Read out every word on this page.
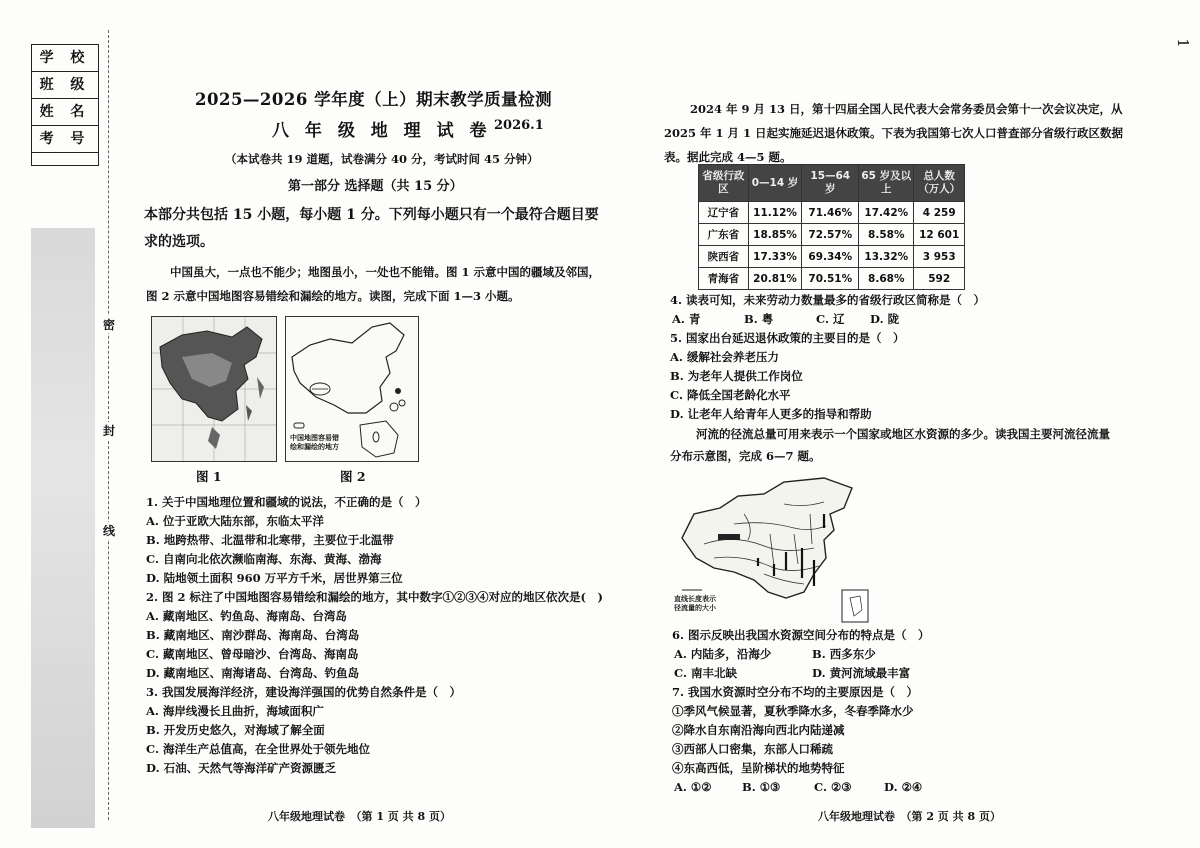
1
学 校
班 级
姓 名
考 号
密
封
线
2025—2026 学年度（上）期末教学质量检测
八 年 级 地 理 试 卷 2026.1
（本试卷共 19 道题，试卷满分 40 分，考试时间 45 分钟）
第一部分 选择题（共 15 分）
本部分共包括 15 小题，每小题 1 分。下列每小题只有一个最符合题目要求的选项。
中国虽大，一点也不能少；地图虽小，一处也不能错。图 1 示意中国的疆域及邻国，
图 2 示意中国地图容易错绘和漏绘的地方。读图，完成下面 1—3 小题。
图 1
中国地图容易错绘和漏绘的地方
图 2
1. 关于中国地理位置和疆域的说法，不正确的是（　）
A. 位于亚欧大陆东部，东临太平洋
B. 地跨热带、北温带和北寒带，主要位于北温带
C. 自南向北依次濒临南海、东海、黄海、渤海
D. 陆地领土面积 960 万平方千米，居世界第三位
2. 图 2 标注了中国地图容易错绘和漏绘的地方，其中数字①②③④对应的地区依次是(　)
A. 藏南地区、钓鱼岛、海南岛、台湾岛
B. 藏南地区、南沙群岛、海南岛、台湾岛
C. 藏南地区、曾母暗沙、台湾岛、海南岛
D. 藏南地区、南海诸岛、台湾岛、钓鱼岛
3. 我国发展海洋经济，建设海洋强国的优势自然条件是（　）
A. 海岸线漫长且曲折，海域面积广
B. 开发历史悠久，对海域了解全面
C. 海洋生产总值高，在全世界处于领先地位
D. 石油、天然气等海洋矿产资源匮乏
八年级地理试卷　（第 1 页 共 8 页）
2024 年 9 月 13 日，第十四届全国人民代表大会常务委员会第十一次会议决定，从
2025 年 1 月 1 日起实施延迟退休政策。下表为我国第七次人口普查部分省级行政区数据
表。据此完成 4—5 题。
省级行政区	0—14 岁	15—64 岁	65 岁及以上	总人数（万人）
辽宁省	11.12%	71.46%	17.42%	4 259
广东省	18.85%	72.57%	8.58%	12 601
陕西省	17.33%	69.34%	13.32%	3 953
青海省	20.81%	70.51%	8.68%	592
4. 读表可知，未来劳动力数量最多的省级行政区简称是（　）
A. 青	B. 粤	C. 辽 D. 陇
5. 国家出台延迟退休政策的主要目的是（　）
A. 缓解社会养老压力
B. 为老年人提供工作岗位
C. 降低全国老龄化水平
D. 让老年人给青年人更多的指导和帮助
河流的径流总量可用来表示一个国家或地区水资源的多少。读我国主要河流径流量
分布示意图，完成 6—7 题。
直线长度表示径流量的大小
6. 图示反映出我国水资源空间分布的特点是（　）
A. 内陆多，沿海少	B. 西多东少
C. 南丰北缺	D. 黄河流域最丰富
7. 我国水资源时空分布不均的主要原因是（　）
①季风气候显著，夏秋季降水多，冬春季降水少
②降水自东南沿海向西北内陆递减
③西部人口密集，东部人口稀疏
④东高西低，呈阶梯状的地势特征
A. ①②	B. ①③	C. ②③	D. ②④
八年级地理试卷　（第 2 页 共 8 页）
